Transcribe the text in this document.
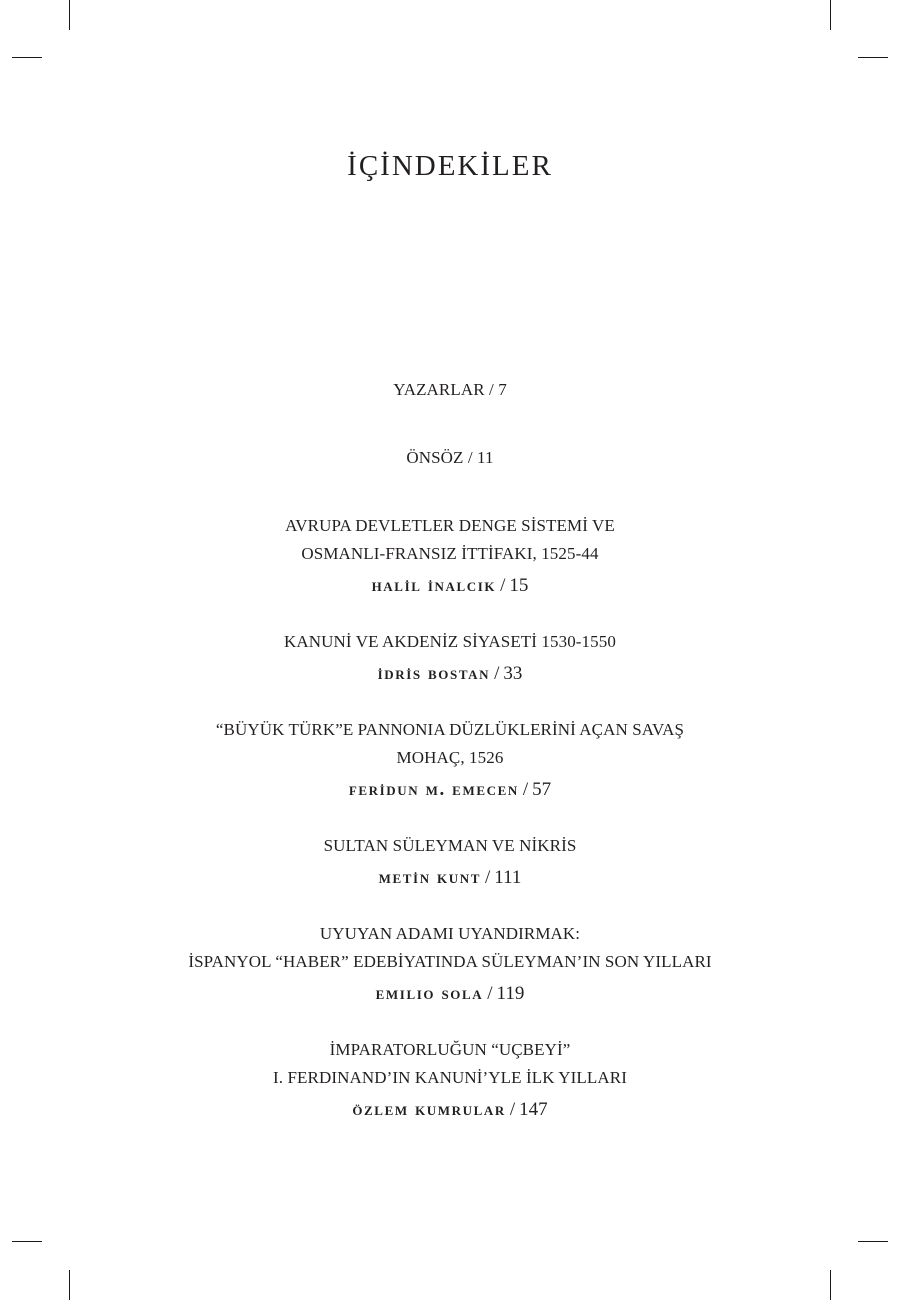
İÇİNDEKİLER
YAZARLAR / 7
ÖNSÖZ / 11
AVRUPA DEVLETLER DENGE SİSTEMİ VE
OSMANLI-FRANSIZ İTTİFAKI, 1525-44
hali̇l i̇nalcik / 15
KANUNİ VE AKDENİZ SİYASETİ 1530-1550
i̇dri̇s bostan / 33
“BÜYÜK TÜRK”E PANNONIA DÜZLÜKLERİNİ AÇAN SAVAŞ
MOHAÇ, 1526
feri̇dun m. emecen / 57
SULTAN SÜLEYMAN VE NİKRİS
meti̇n kunt / 111
UYUYAN ADAMI UYANDIRMAK:
İSPANYOL “HABER” EDEBİYATINDA SÜLEYMAN’IN SON YILLARI
emilio sola / 119
İMPARATORLUĞUN “UÇBEYİ”
I. FERDINAND’IN KANUNİ’YLE İLK YILLARI
özlem kumrular / 147
